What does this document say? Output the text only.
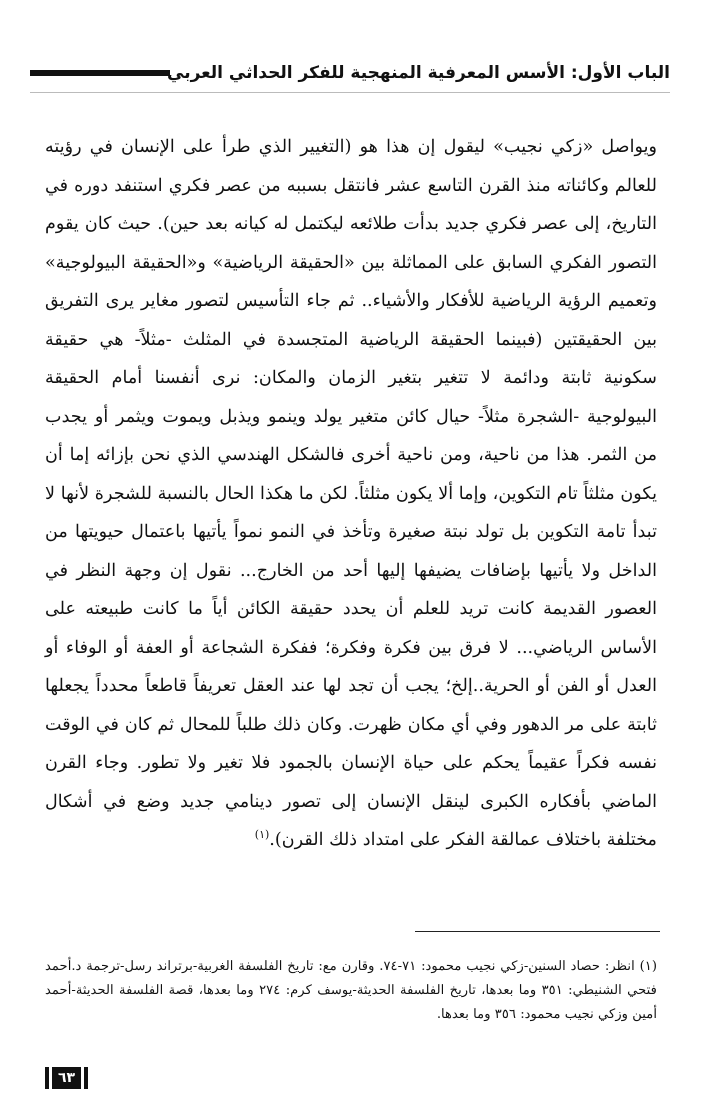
الباب الأول: الأسس المعرفية المنهجية للفكر الحداثي العربي

ويواصل «زكي نجيب» ليقول إن هذا هو (التغيير الذي طرأ على الإنسان في رؤيته للعالم وكائناته منذ القرن التاسع عشر فانتقل بسببه من عصر فكري استنفد دوره في التاريخ، إلى عصر فكري جديد بدأت طلائعه ليكتمل له كيانه بعد حين). حيث كان يقوم التصور الفكري السابق على المماثلة بين «الحقيقة الرياضية» و«الحقيقة البيولوجية» وتعميم الرؤية الرياضية للأفكار والأشياء.. ثم جاء التأسيس لتصور مغاير يرى التفريق بين الحقيقتين (فبينما الحقيقة الرياضية المتجسدة في المثلث -مثلاً- هي حقيقة سكونية ثابتة ودائمة لا تتغير بتغير الزمان والمكان: نرى أنفسنا أمام الحقيقة البيولوجية -الشجرة مثلاً- حيال كائن متغير يولد وينمو ويذبل ويموت ويثمر أو يجدب من الثمر. هذا من ناحية، ومن ناحية أخرى فالشكل الهندسي الذي نحن بإزائه إما أن يكون مثلثاً تام التكوين، وإما ألا يكون مثلثاً. لكن ما هكذا الحال بالنسبة للشجرة لأنها لا تبدأ تامة التكوين بل تولد نبتة صغيرة وتأخذ في النمو نمواً يأتيها باعتمال حيويتها من الداخل ولا يأتيها بإضافات يضيفها إليها أحد من الخارج... نقول إن وجهة النظر في العصور القديمة كانت تريد للعلم أن يحدد حقيقة الكائن أياً ما كانت طبيعته على الأساس الرياضي... لا فرق بين فكرة وفكرة؛ ففكرة الشجاعة أو العفة أو الوفاء أو العدل أو الفن أو الحرية..إلخ؛ يجب أن تجد لها عند العقل تعريفاً قاطعاً محدداً يجعلها ثابتة على مر الدهور وفي أي مكان ظهرت. وكان ذلك طلباً للمحال ثم كان في الوقت نفسه فكراً عقيماً يحكم على حياة الإنسان بالجمود فلا تغير ولا تطور. وجاء القرن الماضي بأفكاره الكبرى لينقل الإنسان إلى تصور دينامي جديد وضع في أشكال مختلفة باختلاف عمالقة الفكر على امتداد ذلك القرن).$^{(١)}$

(١) انظر: حصاد السنين-زكي نجيب محمود: ٧١-٧٤. وقارن مع: تاريخ الفلسفة الغربية-برتراند رسل-ترجمة د.أحمد فتحي الشنيطي: ٣٥١ وما بعدها، تاريخ الفلسفة الحديثة-يوسف كرم: ٢٧٤ وما بعدها، قصة الفلسفة الحديثة-أحمد أمين وزكي نجيب محمود: ٣٥٦ وما بعدها.

٦٣
